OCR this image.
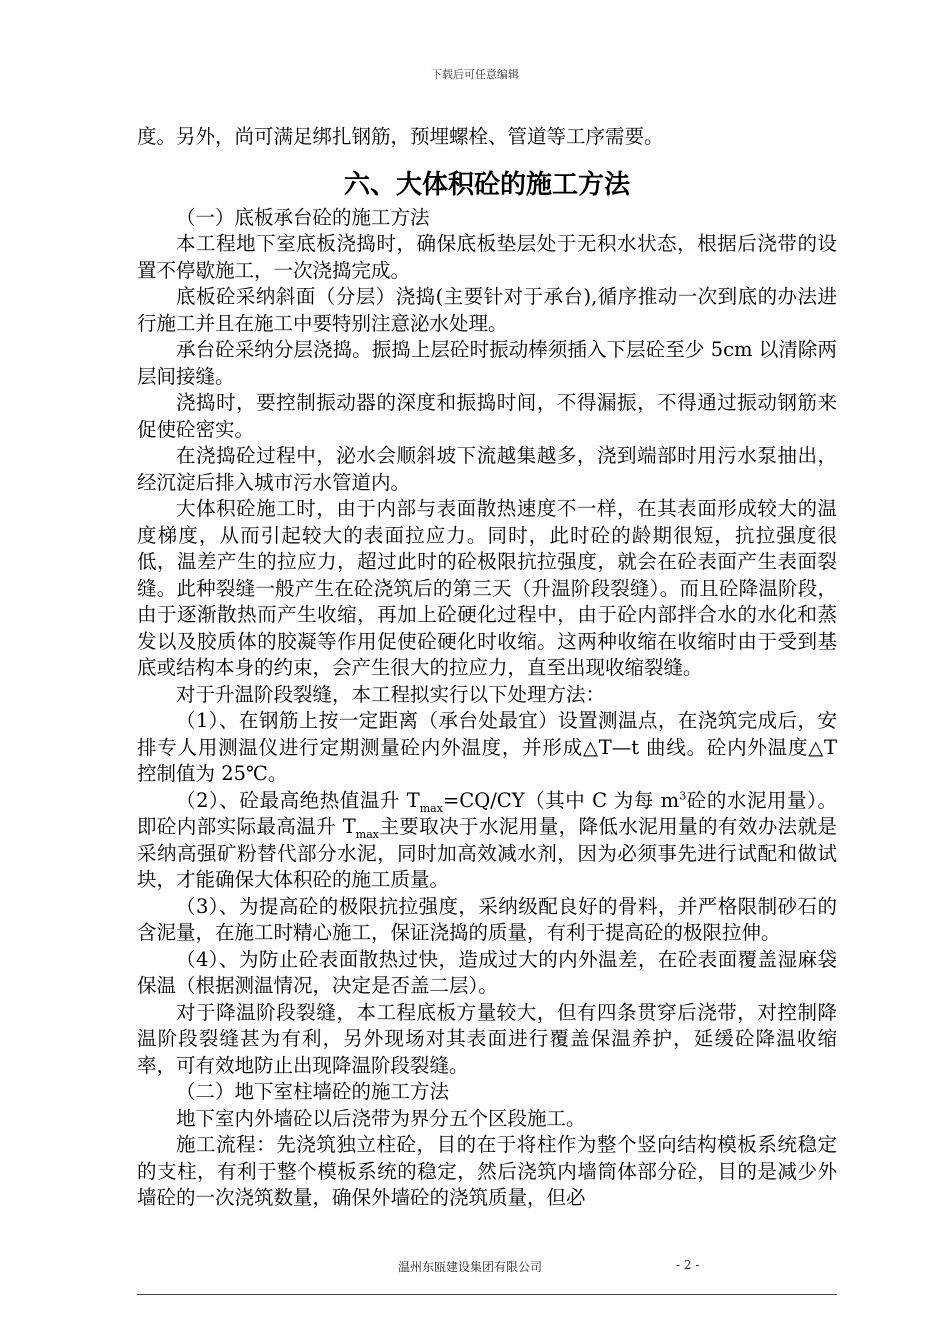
下载后可任意编辑

度。另外，尚可满足绑扎钢筋，预埋螺栓、管道等工序需要。

六、大体积砼的施工方法

（一）底板承台砼的施工方法

本工程地下室底板浇捣时，确保底板垫层处于无积水状态，根据后浇带的设置不停歇施工，一次浇捣完成。

底板砼采纳斜面（分层）浇捣(主要针对于承台),循序推动一次到底的办法进行施工并且在施工中要特别注意泌水处理。

承台砼采纳分层浇捣。振捣上层砼时振动棒须插入下层砼至少 5cm 以清除两层间接缝。

浇捣时，要控制振动器的深度和振捣时间，不得漏振，不得通过振动钢筋来促使砼密实。

在浇捣砼过程中，泌水会顺斜坡下流越集越多，浇到端部时用污水泵抽出，经沉淀后排入城市污水管道内。

大体积砼施工时，由于内部与表面散热速度不一样，在其表面形成较大的温度梯度，从而引起较大的表面拉应力。同时，此时砼的龄期很短，抗拉强度很低，温差产生的拉应力，超过此时的砼极限抗拉强度，就会在砼表面产生表面裂缝。此种裂缝一般产生在砼浇筑后的第三天（升温阶段裂缝）。而且砼降温阶段，由于逐渐散热而产生收缩，再加上砼硬化过程中，由于砼内部拌合水的水化和蒸发以及胶质体的胶凝等作用促使砼硬化时收缩。这两种收缩在收缩时由于受到基底或结构本身的约束，会产生很大的拉应力，直至出现收缩裂缝。

对于升温阶段裂缝，本工程拟实行以下处理方法：

（1）、在钢筋上按一定距离（承台处最宜）设置测温点，在浇筑完成后，安排专人用测温仪进行定期测量砼内外温度，并形成△T—t 曲线。砼内外温度△T 控制值为 25℃。

（2）、砼最高绝热值温升 $T_{max}=CQ/CY$（其中 C 为每 $m^3$砼的水泥用量）。即砼内部实际最高温升 $T_{max}$主要取决于水泥用量，降低水泥用量的有效办法就是采纳高强矿粉替代部分水泥，同时加高效减水剂，因为必须事先进行试配和做试块，才能确保大体积砼的施工质量。

（3）、为提高砼的极限抗拉强度，采纳级配良好的骨料，并严格限制砂石的含泥量，在施工时精心施工，保证浇捣的质量，有利于提高砼的极限拉伸。

（4）、为防止砼表面散热过快，造成过大的内外温差，在砼表面覆盖湿麻袋保温（根据测温情况，决定是否盖二层）。

对于降温阶段裂缝，本工程底板方量较大，但有四条贯穿后浇带，对控制降温阶段裂缝甚为有利，另外现场对其表面进行覆盖保温养护，延缓砼降温收缩率，可有效地防止出现降温阶段裂缝。

（二）地下室柱墙砼的施工方法

地下室内外墙砼以后浇带为界分五个区段施工。

施工流程：先浇筑独立柱砼，目的在于将柱作为整个竖向结构模板系统稳定的支柱，有利于整个模板系统的稳定，然后浇筑内墙筒体部分砼，目的是减少外墙砼的一次浇筑数量，确保外墙砼的浇筑质量，但必

温州东瓯建设集团有限公司	- 2 -
